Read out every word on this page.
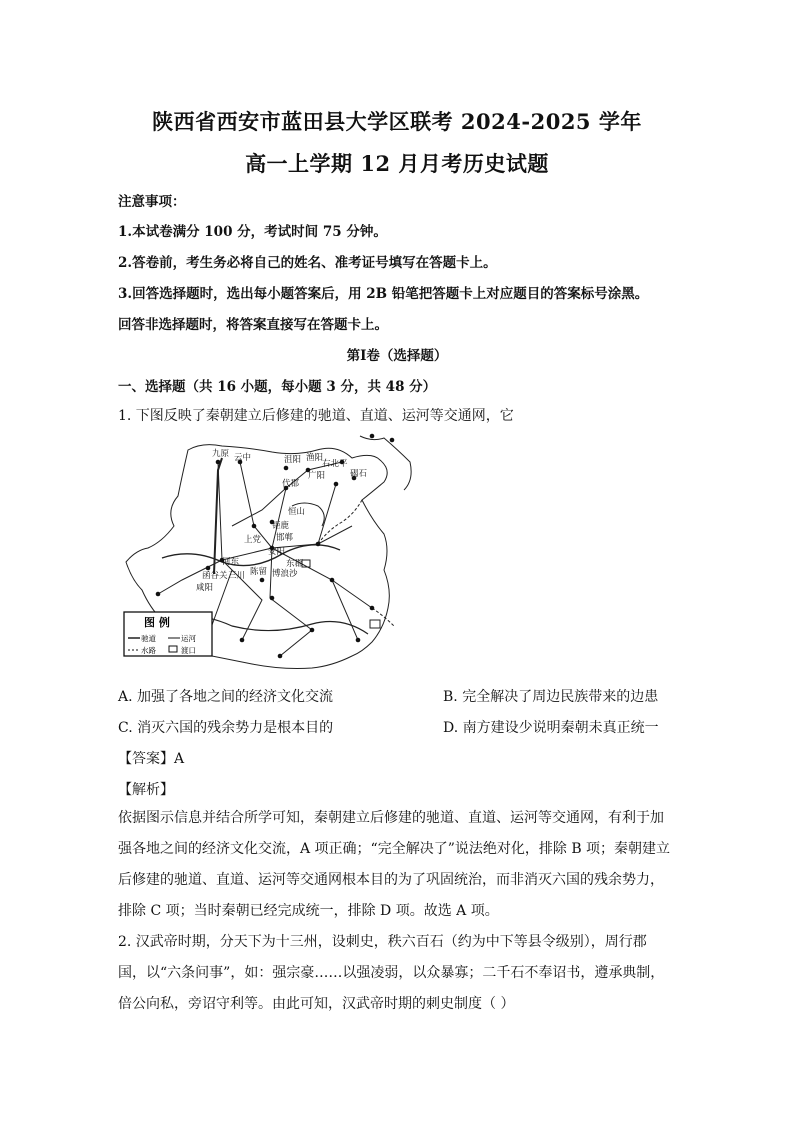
陕西省西安市蓝田县大学区联考 2024-2025 学年
高一上学期 12 月月考历史试题
注意事项：
1.本试卷满分 100 分，考试时间 75 分钟。
2.答卷前，考生务必将自己的姓名、准考证号填写在答题卡上。
3.回答选择题时，选出每小题答案后，用 2B 铅笔把答题卡上对应题目的答案标号涂黑。
回答非选择题时，将答案直接写在答题卡上。
第Ⅰ卷（选择题）
一、选择题（共 16 小题，每小题 3 分，共 48 分）
1. 下图反映了秦朝建立后修建的驰道、直道、运河等交通网，它
九原 云中	沮阳 渔阳
右北平
碣石
代郡
广阳
恒山
钜鹿
邯郸
上党
安阳
河东	东郡
三川 陈留 博浪沙
咸阳
函谷关
图 例
驰道	运河
水路	渡口
A. 加强了各地之间的经济文化交流	B. 完全解决了周边民族带来的边患
C. 消灭六国的残余势力是根本目的	D. 南方建设少说明秦朝未真正统一
【答案】A
【解析】
依据图示信息并结合所学可知，秦朝建立后修建的驰道、直道、运河等交通网，有利于加
强各地之间的经济文化交流，A 项正确；“完全解决了”说法绝对化，排除 B 项；秦朝建立
后修建的驰道、直道、运河等交通网根本目的为了巩固统治，而非消灭六国的残余势力，
排除 C 项；当时秦朝已经完成统一，排除 D 项。故选 A 项。
2. 汉武帝时期，分天下为十三州，设刺史，秩六百石（约为中下等县令级别），周行郡
国，以“六条问事”，如：强宗豪……以强凌弱，以众暴寡；二千石不奉诏书，遵承典制，
倍公向私，旁诏守利等。由此可知，汉武帝时期的刺史制度（ ）
